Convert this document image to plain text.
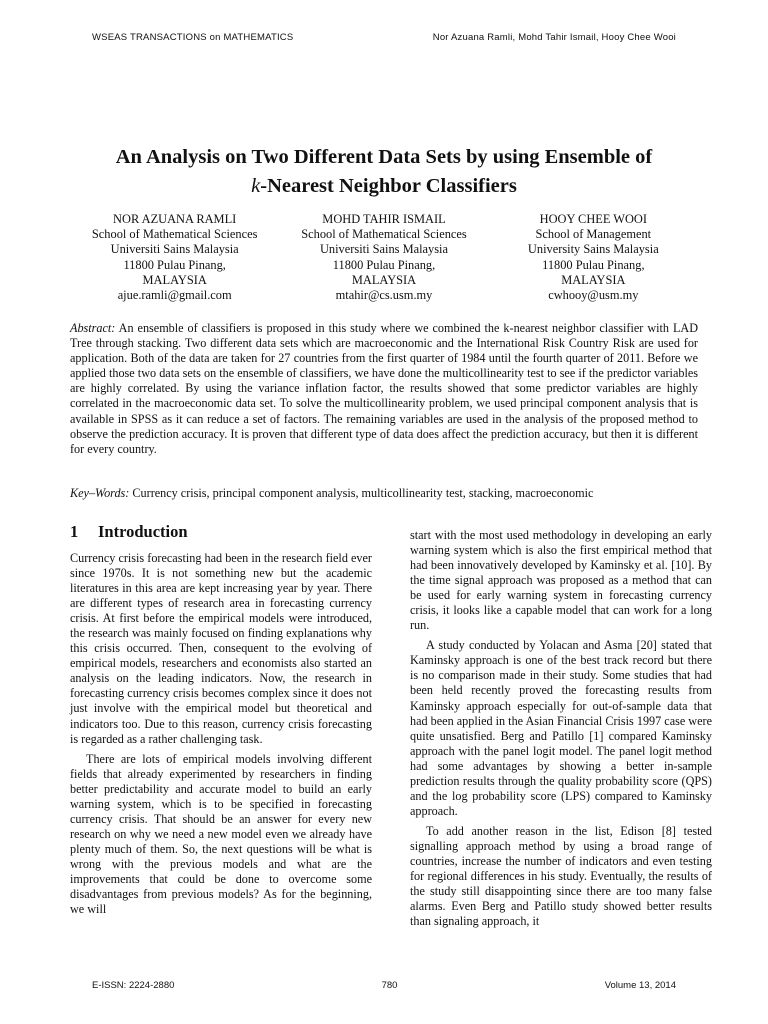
WSEAS TRANSACTIONS on MATHEMATICS	Nor Azuana Ramli, Mohd Tahir Ismail, Hooy Chee Wooi
An Analysis on Two Different Data Sets by using Ensemble of
k-Nearest Neighbor Classifiers
NOR AZUANA RAMLI
School of Mathematical Sciences
Universiti Sains Malaysia
11800 Pulau Pinang,
MALAYSIA
ajue.ramli@gmail.com
MOHD TAHIR ISMAIL
School of Mathematical Sciences
Universiti Sains Malaysia
11800 Pulau Pinang,
MALAYSIA
mtahir@cs.usm.my
HOOY CHEE WOOI
School of Management
University Sains Malaysia
11800 Pulau Pinang,
MALAYSIA
cwhooy@usm.my
Abstract: An ensemble of classifiers is proposed in this study where we combined the k-nearest neighbor classifier with LAD Tree through stacking. Two different data sets which are macroeconomic and the International Risk Country Risk are used for application. Both of the data are taken for 27 countries from the first quarter of 1984 until the fourth quarter of 2011. Before we applied those two data sets on the ensemble of classifiers, we have done the multicollinearity test to see if the predictor variables are highly correlated. By using the variance inflation factor, the results showed that some predictor variables are highly correlated in the macroeconomic data set. To solve the multicollinearity problem, we used principal component analysis that is available in SPSS as it can reduce a set of factors. The remaining variables are used in the analysis of the proposed method to observe the prediction accuracy. It is proven that different type of data does affect the prediction accuracy, but then it is different for every country.
Key–Words: Currency crisis, principal component analysis, multicollinearity test, stacking, macroeconomic
1 Introduction

Currency crisis forecasting had been in the research field ever since 1970s. It is not something new but the academic literatures in this area are kept increasing year by year. There are different types of research area in forecasting currency crisis. At first before the empirical models were introduced, the research was mainly focused on finding explanations why this crisis occurred. Then, consequent to the evolving of empirical models, researchers and economists also started an analysis on the leading indicators. Now, the research in forecasting currency crisis becomes complex since it does not just involve with the empirical model but theoretical and indicators too. Due to this reason, currency crisis forecasting is regarded as a rather challenging task.

There are lots of empirical models involving different fields that already experimented by researchers in finding better predictability and accurate model to build an early warning system, which is to be specified in forecasting currency crisis. That should be an answer for every new research on why we need a new model even we already have plenty much of them. So, the next questions will be what is wrong with the previous models and what are the improvements that could be done to overcome some disadvantages from previous models? As for the beginning, we will

start with the most used methodology in developing an early warning system which is also the first empirical method that had been innovatively developed by Kaminsky et al. [10]. By the time signal approach was proposed as a method that can be used for early warning system in forecasting currency crisis, it looks like a capable model that can work for a long run.

A study conducted by Yolacan and Asma [20] stated that Kaminsky approach is one of the best track record but there is no comparison made in their study. Some studies that had been held recently proved the forecasting results from Kaminsky approach especially for out-of-sample data that had been applied in the Asian Financial Crisis 1997 case were quite unsatisfied. Berg and Patillo [1] compared Kaminsky approach with the panel logit model. The panel logit method had some advantages by showing a better in-sample prediction results through the quality probability score (QPS) and the log probability score (LPS) compared to Kaminsky approach.

To add another reason in the list, Edison [8] tested signalling approach method by using a broad range of countries, increase the number of indicators and even testing for regional differences in his study. Eventually, the results of the study still disappointing since there are too many false alarms. Even Berg and Patillo study showed better results than signaling approach, it

E-ISSN: 2224-2880	780	Volume 13, 2014
